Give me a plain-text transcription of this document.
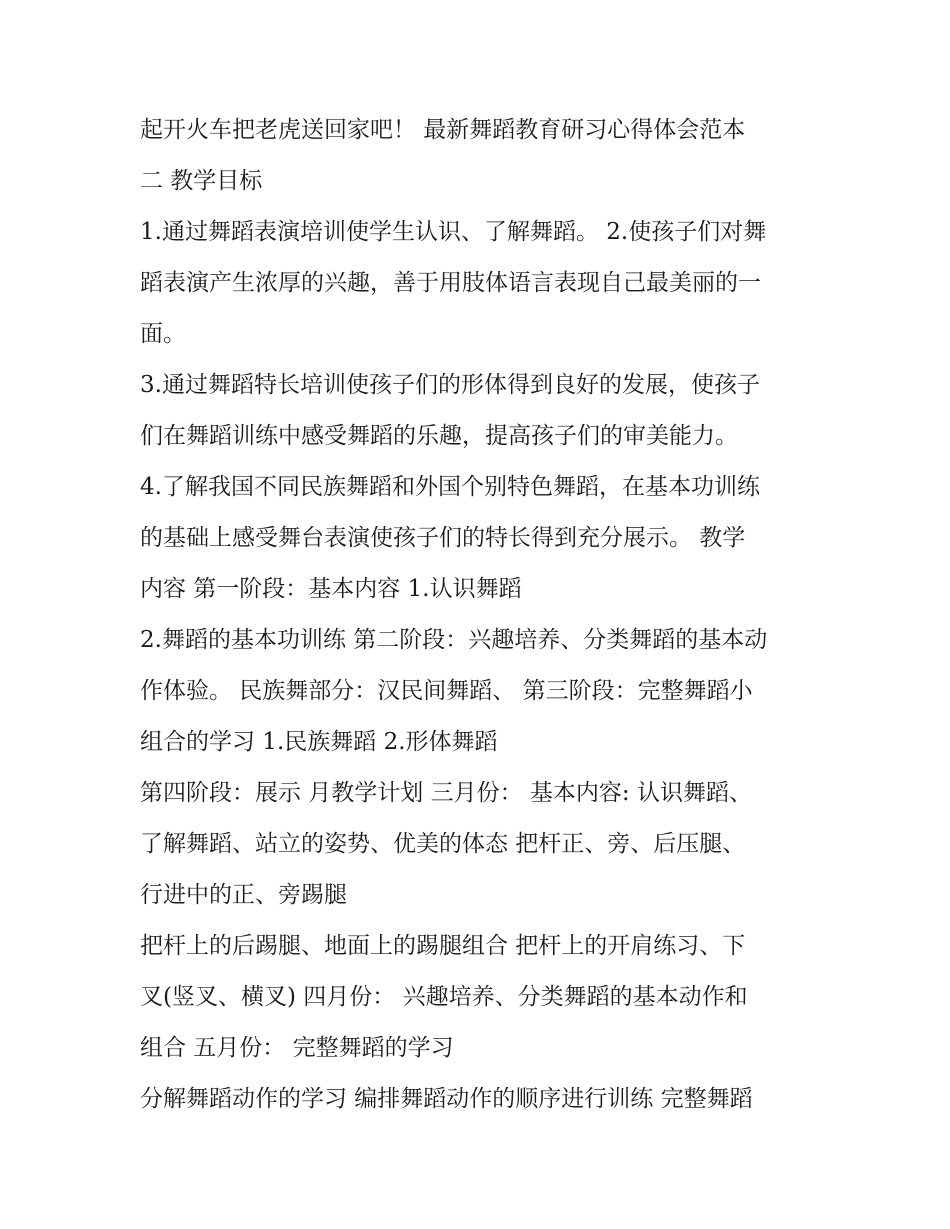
起开火车把老虎送回家吧！ 最新舞蹈教育研习心得体会范本
二 教学目标
1.通过舞蹈表演培训使学生认识、了解舞蹈。 2.使孩子们对舞
蹈表演产生浓厚的兴趣，善于用肢体语言表现自己最美丽的一
面。
3.通过舞蹈特长培训使孩子们的形体得到良好的发展，使孩子
们在舞蹈训练中感受舞蹈的乐趣，提高孩子们的审美能力。
4.了解我国不同民族舞蹈和外国个别特色舞蹈，在基本功训练
的基础上感受舞台表演使孩子们的特长得到充分展示。 教学
内容 第一阶段：基本内容 1.认识舞蹈
2.舞蹈的基本功训练 第二阶段：兴趣培养、分类舞蹈的基本动
作体验。 民族舞部分：汉民间舞蹈、 第三阶段：完整舞蹈小
组合的学习 1.民族舞蹈 2.形体舞蹈
第四阶段：展示 月教学计划 三月份： 基本内容: 认识舞蹈、
了解舞蹈、站立的姿势、优美的体态 把杆正、旁、后压腿、
行进中的正、旁踢腿
把杆上的后踢腿、地面上的踢腿组合 把杆上的开肩练习、下
叉(竖叉、横叉) 四月份： 兴趣培养、分类舞蹈的基本动作和
组合 五月份： 完整舞蹈的学习
分解舞蹈动作的学习 编排舞蹈动作的顺序进行训练 完整舞蹈
